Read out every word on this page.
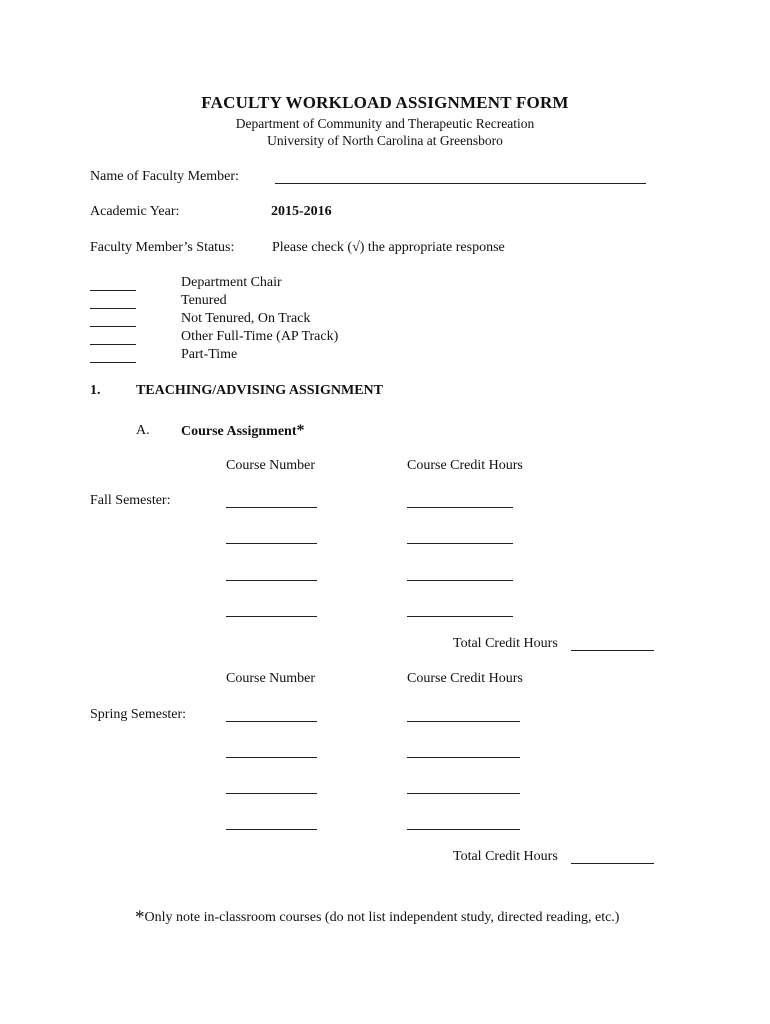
FACULTY WORKLOAD ASSIGNMENT FORM
Department of Community and Therapeutic Recreation
University of North Carolina at Greensboro
Name of Faculty Member:
Academic Year:	2015-2016
Faculty Member’s Status:	Please check (√) the appropriate response
Department Chair
Tenured
Not Tenured, On Track
Other Full-Time (AP Track)
Part-Time
1.	TEACHING/ADVISING ASSIGNMENT
A. Course Assignment*
Course Number	Course Credit Hours
Fall Semester:
Total Credit Hours
Course Number	Course Credit Hours
Spring Semester:
Total Credit Hours
*Only note in-classroom courses (do not list independent study, directed reading, etc.)
